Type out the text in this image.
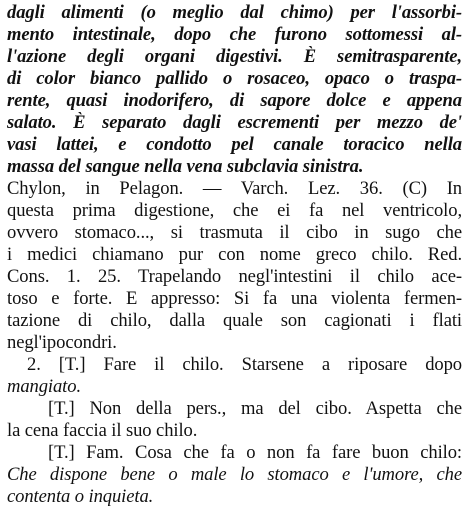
dagli alimenti (o meglio dal chimo) per l'assorbi-
mento intestinale, dopo che furono sottomessi al-
l'azione degli organi digestivi. È semitrasparente,
di color bianco pallido o rosaceo, opaco o traspa-
rente, quasi inodorifero, di sapore dolce e appena
salato. È separato dagli escrementi per mezzo de'
vasi lattei, e condotto pel canale toracico nella
massa del sangue nella vena subclavia sinistra.
Chylon, in Pelagon. — Varch. Lez. 36. (C) In
questa prima digestione, che ei fa nel ventricolo,
ovvero stomaco..., si trasmuta il cibo in sugo che
i medici chiamano pur con nome greco chilo. Red.
Cons. 1. 25. Trapelando negl'intestini il chilo ace-
toso e forte. E appresso: Si fa una violenta fermen-
tazione di chilo, dalla quale son cagionati i flati
negl'ipocondri.
2. [T.] Fare il chilo. Starsene a riposare dopo
mangiato.
[T.] Non della pers., ma del cibo. Aspetta che
la cena faccia il suo chilo.
[T.] Fam. Cosa che fa o non fa fare buon chilo:
Che dispone bene o male lo stomaco e l'umore, che
contenta o inquieta.
